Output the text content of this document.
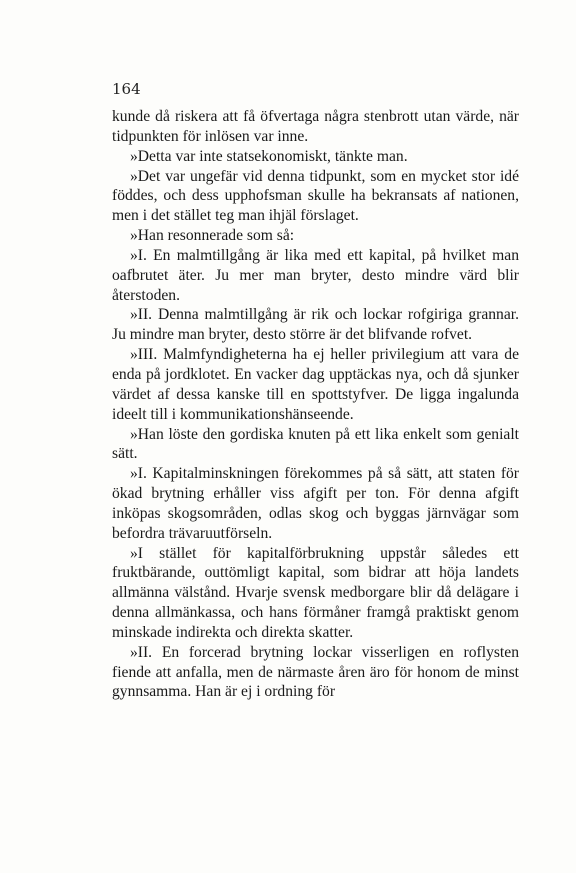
164

kunde då riskera att få öfvertaga några stenbrott utan värde, när tidpunkten för inlösen var inne.

»Detta var inte statsekonomiskt, tänkte man.

»Det var ungefär vid denna tidpunkt, som en mycket stor idé föddes, och dess upphofsman skulle ha bekransats af nationen, men i det stället teg man ihjäl förslaget.

»Han resonnerade som så:

»I. En malmtillgång är lika med ett kapital, på hvilket man oafbrutet äter. Ju mer man bryter, desto mindre värd blir återstoden.

»II. Denna malmtillgång är rik och lockar rofgiriga grannar. Ju mindre man bryter, desto större är det blifvande rofvet.

»III. Malmfyndigheterna ha ej heller privilegium att vara de enda på jordklotet. En vacker dag upptäckas nya, och då sjunker värdet af dessa kanske till en spottstyfver. De ligga ingalunda ideelt till i kommunikationshänseende.

»Han löste den gordiska knuten på ett lika enkelt som genialt sätt.

»I. Kapitalminskningen förekommes på så sätt, att staten för ökad brytning erhåller viss afgift per ton. För denna afgift inköpas skogsområden, odlas skog och byggas järnvägar som befordra trävaruutförseln.

»I stället för kapitalförbrukning uppstår således ett fruktbärande, outtömligt kapital, som bidrar att höja landets allmänna välstånd. Hvarje svensk medborgare blir då delägare i denna allmänkassa, och hans förmåner framgå praktiskt genom minskade indirekta och direkta skatter.

»II. En forcerad brytning lockar visserligen en roflysten fiende att anfalla, men de närmaste åren äro för honom de minst gynnsamma. Han är ej i ordning för
